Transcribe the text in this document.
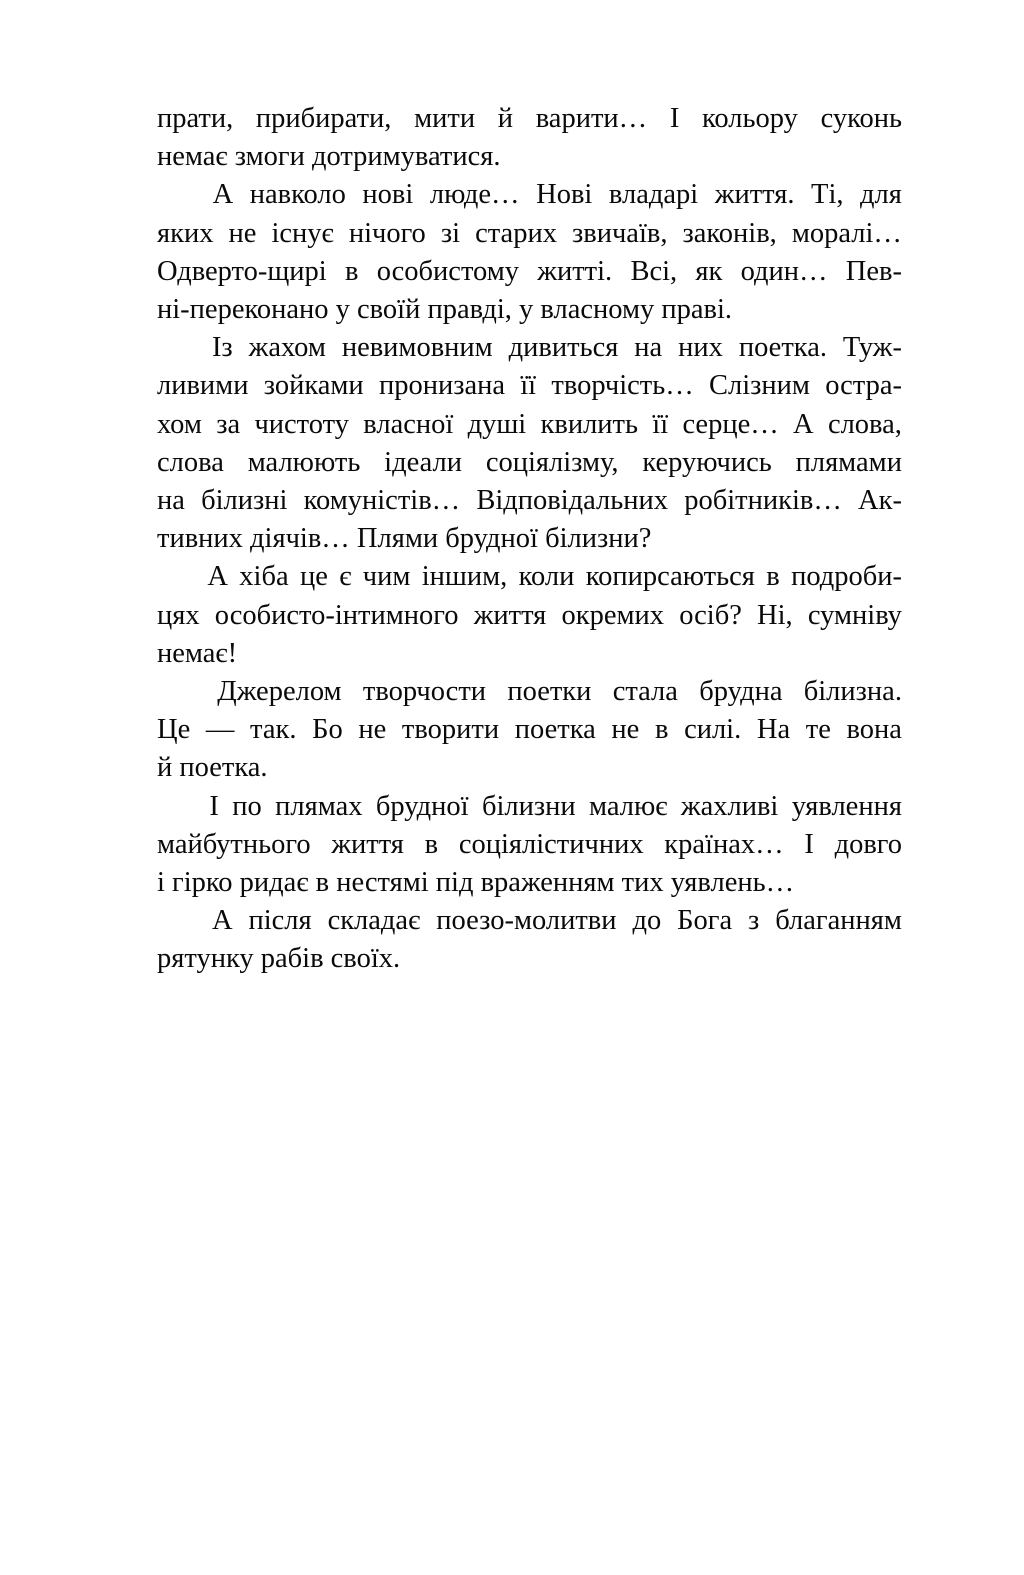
прати, прибирати, мити й варити… І кольору суконь
немає змоги дотримуватися.

А навколо нові люде… Нові владарі життя. Ті, для
яких не існує нічого зі старих звичаїв, законів, моралі…
Одверто-щирі в особистому житті. Всі, як один… Пев-
ні-переконано у своїй правді, у власному праві.

Із жахом невимовним дивиться на них поетка. Туж-
ливими зойками пронизана її творчість… Слізним остра-
хом за чистоту власної душі квилить її серце… А слова,
слова малюють ідеали соціялізму, керуючись плямами
на білизні комуністів… Відповідальних робітників… Ак-
тивних діячів… Плями брудної білизни?

А хіба це є чим іншим, коли копирсаються в подроби-
цях особисто-інтимного життя окремих осіб? Ні, сумніву
немає!

Джерелом творчости поетки стала брудна білизна.
Це — так. Бо не творити поетка не в силі. На те вона
й поетка.

І по плямах брудної білизни малює жахливі уявлення
майбутнього життя в соціялістичних країнах… І довго
і гірко ридає в нестямі під враженням тих уявлень…

А після складає поезо-молитви до Бога з благанням
рятунку рабів своїх.
